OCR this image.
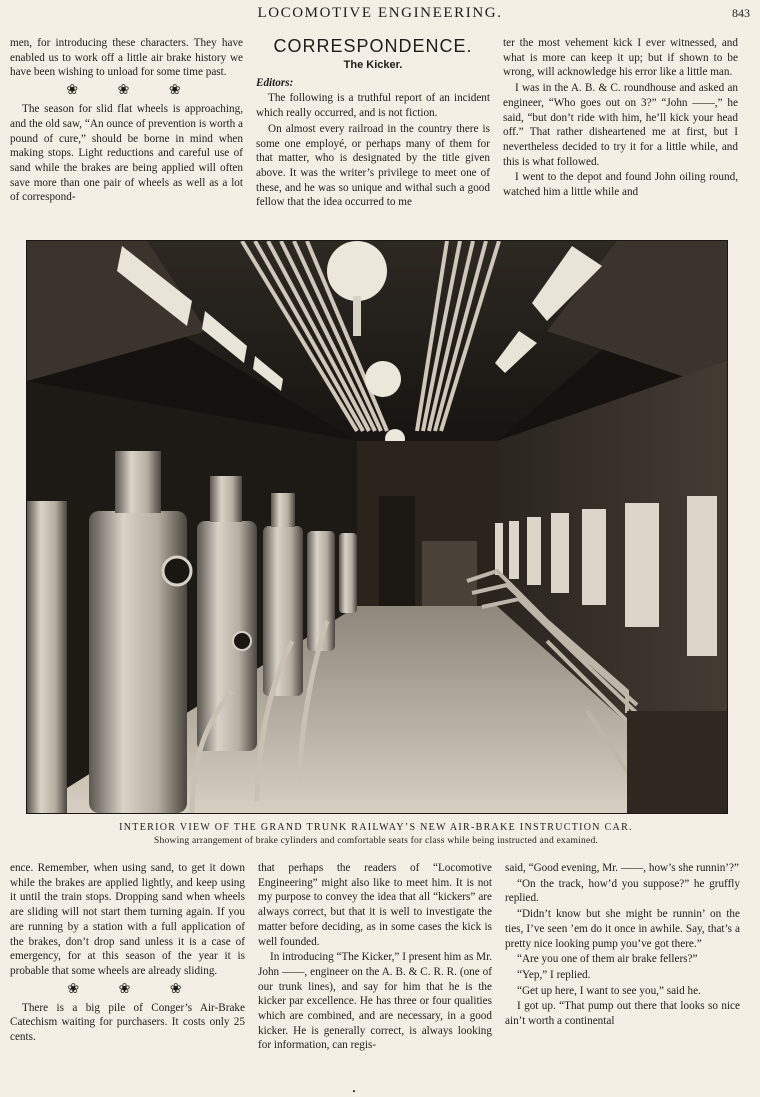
LOCOMOTIVE ENGINEERING.	843

men, for introducing these characters. They have enabled us to work off a little air brake history we have been wishing to unload for some time past.

❀ ❀ ❀

The season for slid flat wheels is approaching, and the old saw, “An ounce of prevention is worth a pound of cure,” should be borne in mind when making stops. Light reductions and careful use of sand while the brakes are being applied will often save more than one pair of wheels as well as a lot of correspond-

CORRESPONDENCE.
The Kicker.

Editors:

The following is a truthful report of an incident which really occurred, and is not fiction.

On almost every railroad in the country there is some one employé, or perhaps many of them for that matter, who is designated by the title given above. It was the writer’s privilege to meet one of these, and he was so unique and withal such a good fellow that the idea occurred to me

ter the most vehement kick I ever witnessed, and what is more can keep it up; but if shown to be wrong, will acknowledge his error like a little man.

I was in the A. B. & C. roundhouse and asked an engineer, “Who goes out on 3?” “John ——,” he said, “but don’t ride with him, he’ll kick your head off.” That rather disheartened me at first, but I nevertheless decided to try it for a little while, and this is what followed.

I went to the depot and found John oiling round, watched him a little while and

INTERIOR VIEW OF THE GRAND TRUNK RAILWAY’S NEW AIR-BRAKE INSTRUCTION CAR.
Showing arrangement of brake cylinders and comfortable seats for class while being instructed and examined.

ence. Remember, when using sand, to get it down while the brakes are applied lightly, and keep using it until the train stops. Dropping sand when wheels are sliding will not start them turning again. If you are running by a station with a full application of the brakes, don’t drop sand unless it is a case of emergency, for at this season of the year it is probable that some wheels are already sliding.

❀ ❀ ❀

There is a big pile of Conger’s Air-Brake Catechism waiting for purchasers. It costs only 25 cents.

that perhaps the readers of “Locomotive Engineering” might also like to meet him. It is not my purpose to convey the idea that all “kickers” are always correct, but that it is well to investigate the matter before deciding, as in some cases the kick is well founded.

In introducing “The Kicker,” I present him as Mr. John ——, engineer on the A. B. & C. R. R. (one of our trunk lines), and say for him that he is the kicker par excellence. He has three or four qualities which are combined, and are necessary, in a good kicker. He is generally correct, is always looking for information, can regis-

said, “Good evening, Mr. ——, how’s she runnin’?”

“On the track, how’d you suppose?” he gruffly replied.

“Didn’t know but she might be runnin’ on the ties, I’ve seen ’em do it once in awhile. Say, that’s a pretty nice looking pump you’ve got there.”

“Are you one of them air brake fellers?”

“Yep,” I replied.

“Get up here, I want to see you,” said he.

I got up. “That pump out there that looks so nice ain’t worth a continental

•
